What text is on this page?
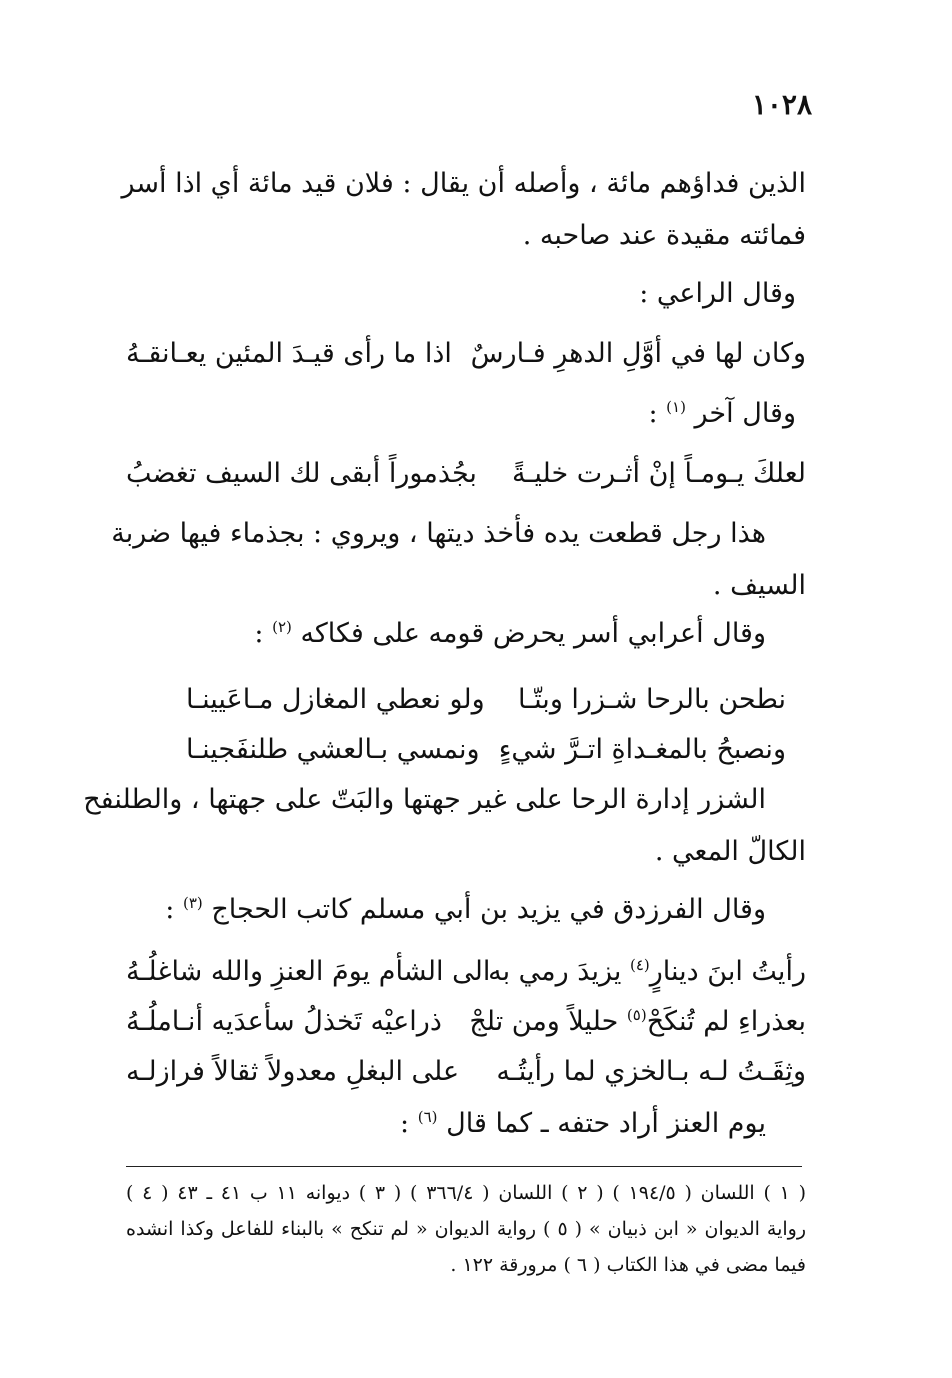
١٠٢٨
الذين فداؤهم مائة ، وأصله أن يقال : فلان قيد مائة أي اذا أسر
فمائته مقيدة عند صاحبه .
وقال الراعي :
وكان لها في أوَّلِ الدهرِ فـارسٌ
اذا ما رأى قيـدَ المئين يعـانقـهُ
وقال آخر $^{(١)}$ :
لعلكَ يـومـاً إنْ أثـرت خليـةً
بجُذموراً أبقى لك السيف تغضبُ
هذا رجل قطعت يده فأخذ ديتها ، ويروي : بجذماء فيها ضربة
السيف .
وقال أعرابي أسر يحرض قومه على فكاكه $^{(٢)}$ :
نطحن بالرحا شـزرا وبتّـا
ولو نعطي المغازل مـاعَيينـا
ونصبحُ بالمغـداةِ اتـرَّ شيءٍ
ونمسي بـالعشي طلنفَجينـا
الشزر إدارة الرحا على غير جهتها والبَتّ على جهتها ، والطلنفح
الكالّ المعي .
وقال الفرزدق في يزيد بن أبي مسلم كاتب الحجاج $^{(٣)}$ :
رأيتُ ابنَ دينارٍ$^{(٤)}$ يزيدَ رمي به
الى الشأم يومَ العنزِ والله شاغلُـهُ
بعذراءِ لم تُنكَحْ$^{(٥)}$ حليلاً ومن تلجْ
ذراعيْه تَخذلُ سأعدَيه أنـاملُـهُ
وثِقَـتُ لـه بـالخزي لما رأيتُـه
على البغلِ معدولاً ثقالاً فرازلـه
يوم العنز أراد حتفه ـ كما قال $^{(٦)}$ :
( ١ ) اللسان ( ١٩٤/٥ ) ( ٢ ) اللسان ( ٣٦٦/٤ ) ( ٣ ) ديوانه ١١ ب ٤١ ـ ٤٣ ( ٤ )
رواية الديوان « ابن ذبيان » ( ٥ ) رواية الديوان « لم تنكح » بالبناء للفاعل وكذا انشده
فيما مضى في هذا الكتاب ( ٦ ) مرورقة ١٢٢ .
